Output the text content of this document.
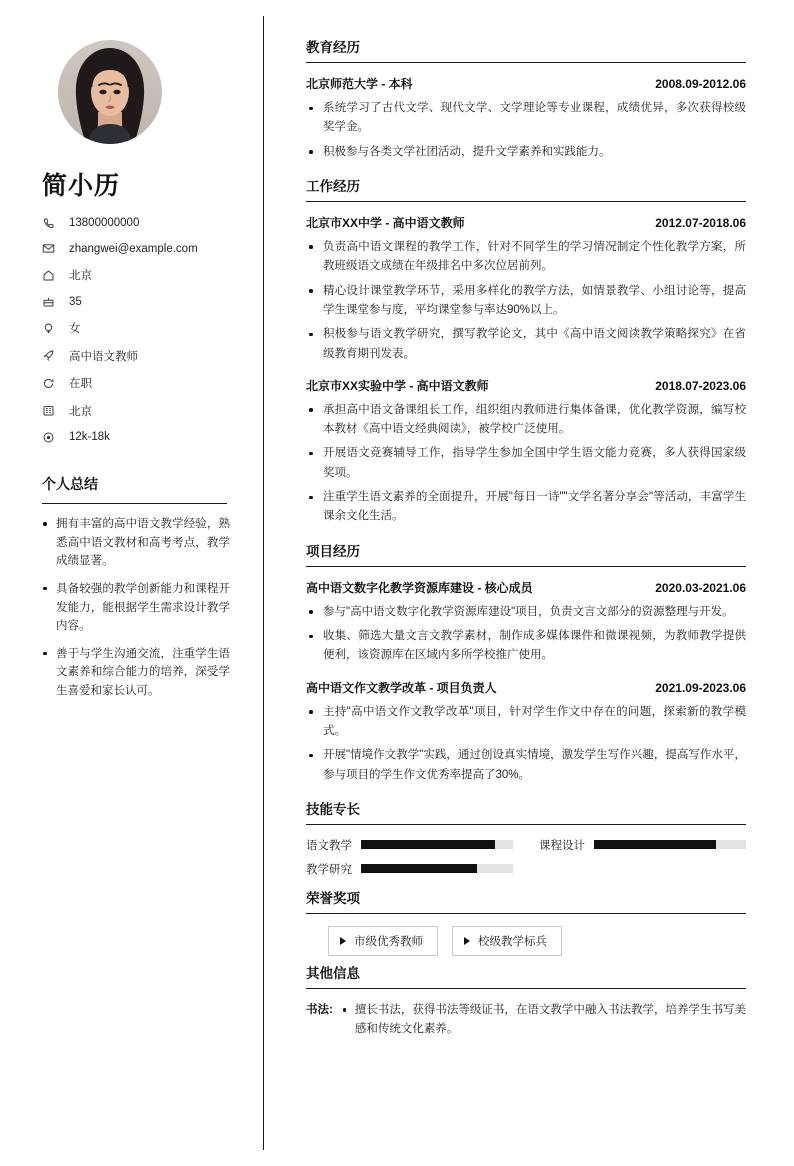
简小历
13800000000
zhangwei@example.com
北京
35
女
高中语文教师
在职
北京
12k-18k
个人总结
拥有丰富的高中语文教学经验，熟悉高中语文教材和高考考点，教学成绩显著。
具备较强的教学创新能力和课程开发能力，能根据学生需求设计教学内容。
善于与学生沟通交流，注重学生语文素养和综合能力的培养，深受学生喜爱和家长认可。
教育经历
北京师范大学 - 本科	2008.09-2012.06
系统学习了古代文学、现代文学、文学理论等专业课程，成绩优异，多次获得校级奖学金。
积极参与各类文学社团活动，提升文学素养和实践能力。
工作经历
北京市XX中学 - 高中语文教师	2012.07-2018.06
负责高中语文课程的教学工作，针对不同学生的学习情况制定个性化教学方案，所教班级语文成绩在年级排名中多次位居前列。
精心设计课堂教学环节，采用多样化的教学方法，如情景教学、小组讨论等，提高学生课堂参与度，平均课堂参与率达90%以上。
积极参与语文教学研究，撰写教学论文，其中《高中语文阅读教学策略探究》在省级教育期刊发表。
北京市XX实验中学 - 高中语文教师	2018.07-2023.06
承担高中语文备课组长工作，组织组内教师进行集体备课，优化教学资源，编写校本教材《高中语文经典阅读》，被学校广泛使用。
开展语文竞赛辅导工作，指导学生参加全国中学生语文能力竞赛，多人获得国家级奖项。
注重学生语文素养的全面提升，开展"每日一诗""文学名著分享会"等活动，丰富学生课余文化生活。
项目经历
高中语文数字化教学资源库建设 - 核心成员	2020.03-2021.06
参与"高中语文数字化教学资源库建设"项目，负责文言文部分的资源整理与开发。
收集、筛选大量文言文教学素材，制作成多媒体课件和微课视频，为教师教学提供便利，该资源库在区域内多所学校推广使用。
高中语文作文教学改革 - 项目负责人	2021.09-2023.06
主持"高中语文作文教学改革"项目，针对学生作文中存在的问题，探索新的教学模式。
开展"情境作文教学"实践，通过创设真实情境，激发学生写作兴趣，提高写作水平，参与项目的学生作文优秀率提高了30%。
技能专长
语文教学	课程设计
教学研究
荣誉奖项
市级优秀教师	校级教学标兵
其他信息
书法:	擅长书法，获得书法等级证书，在语文教学中融入书法教学，培养学生书写美感和传统文化素养。
